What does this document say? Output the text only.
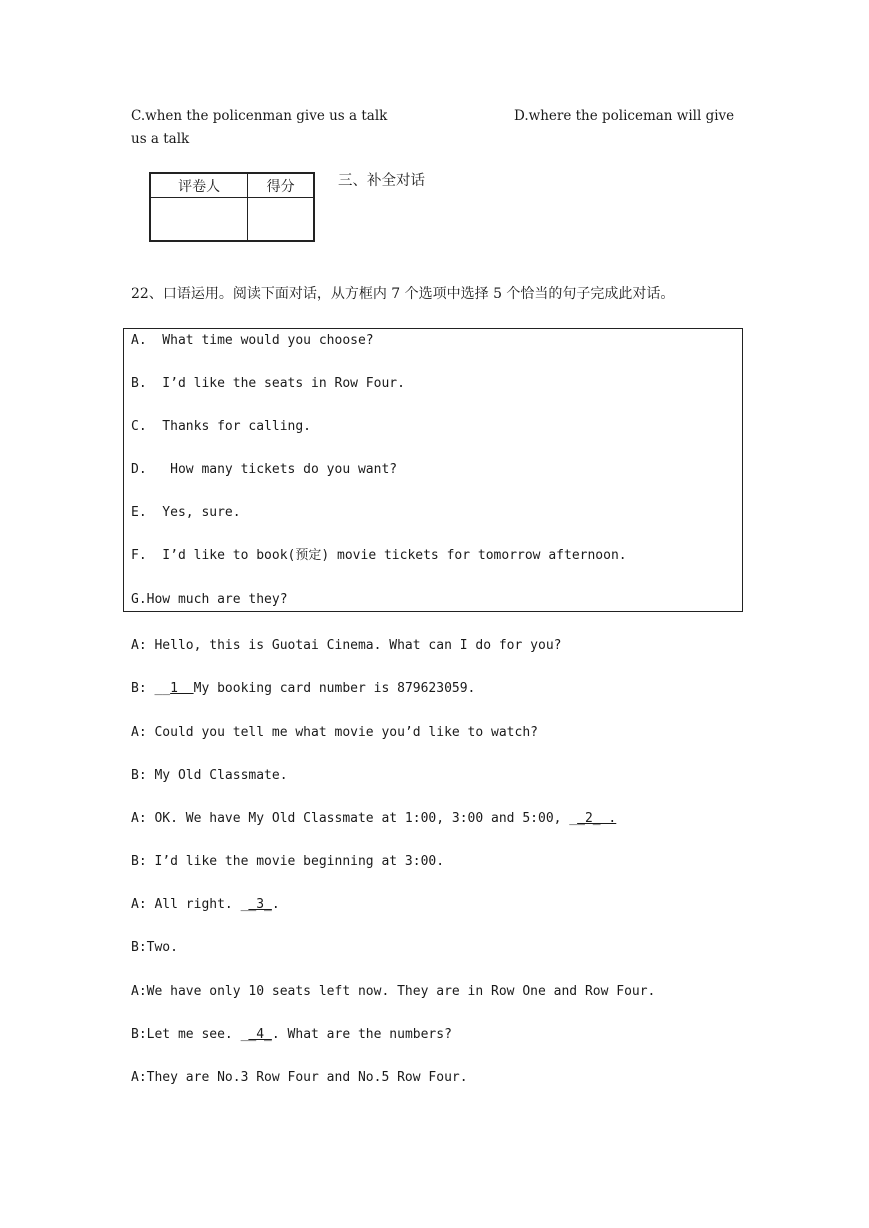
C.when the policenman give us a talk	D.where the policeman will give
us a talk
评卷人	得分
		三、补全对话
22、口语运用。阅读下面对话，从方框内 7 个选项中选择 5 个恰当的句子完成此对话。
A.  What time would you choose?
B.  I’d like the seats in Row Four.
C.  Thanks for calling.
D.   How many tickets do you want?
E.  Yes, sure.
F.  I’d like to book(预定) movie tickets for tomorrow afternoon.
G.How much are they?
A: Hello, this is Guotai Cinema. What can I do for you?
B: __1  My booking card number is 879623059.
A: Could you tell me what movie you’d like to watch?
B: My Old Classmate.
A: OK. We have My Old Classmate at 1:00, 3:00 and 5:00, __2_ .
B: I’d like the movie beginning at 3:00.
A: All right. __3_.
B:Two.
A:We have only 10 seats left now. They are in Row One and Row Four.
B:Let me see. __4_. What are the numbers?
A:They are No.3 Row Four and No.5 Row Four.
